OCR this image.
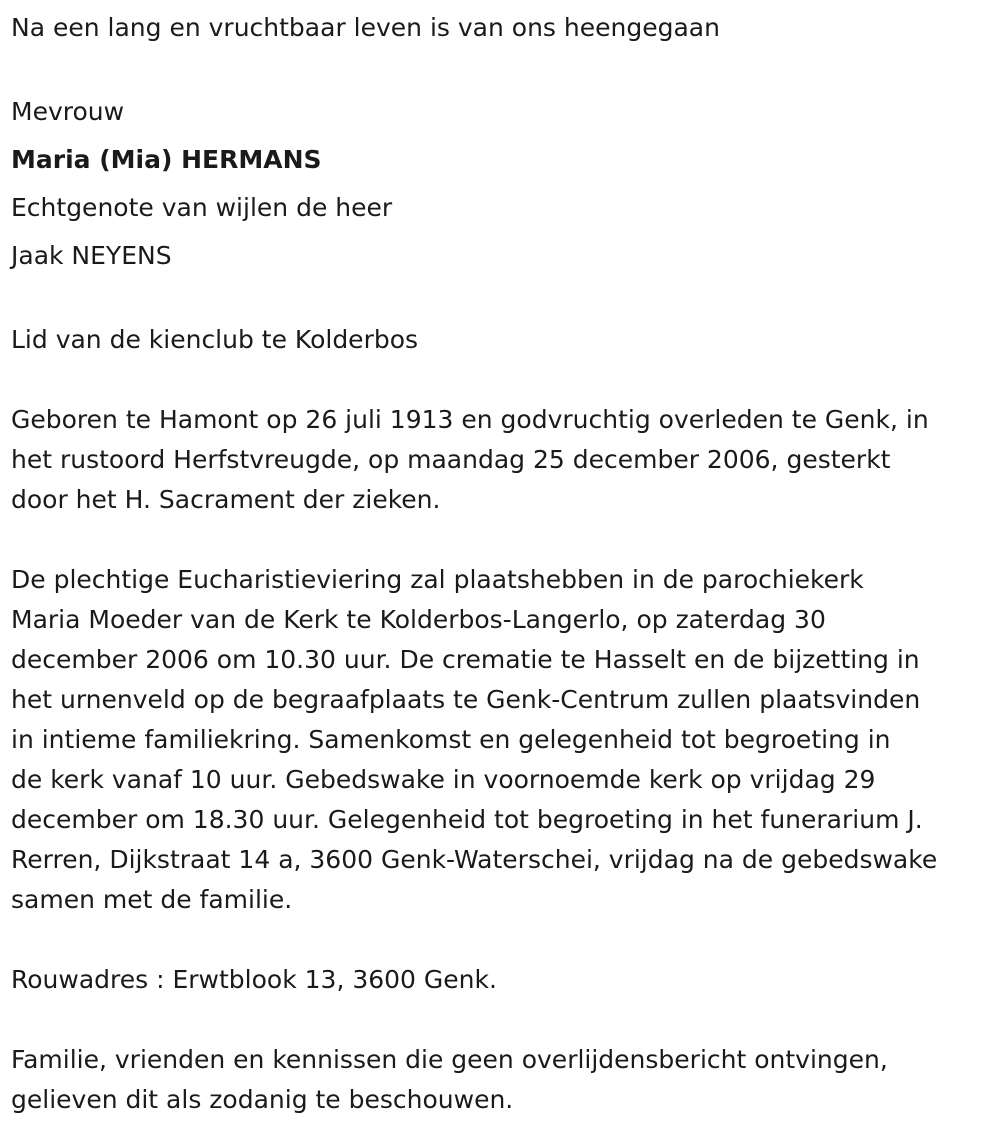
Na een lang en vruchtbaar leven is van ons heengegaan
Mevrouw
Maria (Mia) HERMANS
Echtgenote van wijlen de heer
Jaak NEYENS
Lid van de kienclub te Kolderbos
Geboren te Hamont op 26 juli 1913 en godvruchtig overleden te Genk, in
het rustoord Herfstvreugde, op maandag 25 december 2006, gesterkt
door het H. Sacrament der zieken.
De plechtige Eucharistieviering zal plaatshebben in de parochiekerk
Maria Moeder van de Kerk te Kolderbos-Langerlo, op zaterdag 30
december 2006 om 10.30 uur. De crematie te Hasselt en de bijzetting in
het urnenveld op de begraafplaats te Genk-Centrum zullen plaatsvinden
in intieme familiekring. Samenkomst en gelegenheid tot begroeting in
de kerk vanaf 10 uur. Gebedswake in voornoemde kerk op vrijdag 29
december om 18.30 uur. Gelegenheid tot begroeting in het funerarium J.
Rerren, Dijkstraat 14 a, 3600 Genk-Waterschei, vrijdag na de gebedswake
samen met de familie.
Rouwadres : Erwtblook 13, 3600 Genk.
Familie, vrienden en kennissen die geen overlijdensbericht ontvingen,
gelieven dit als zodanig te beschouwen.
